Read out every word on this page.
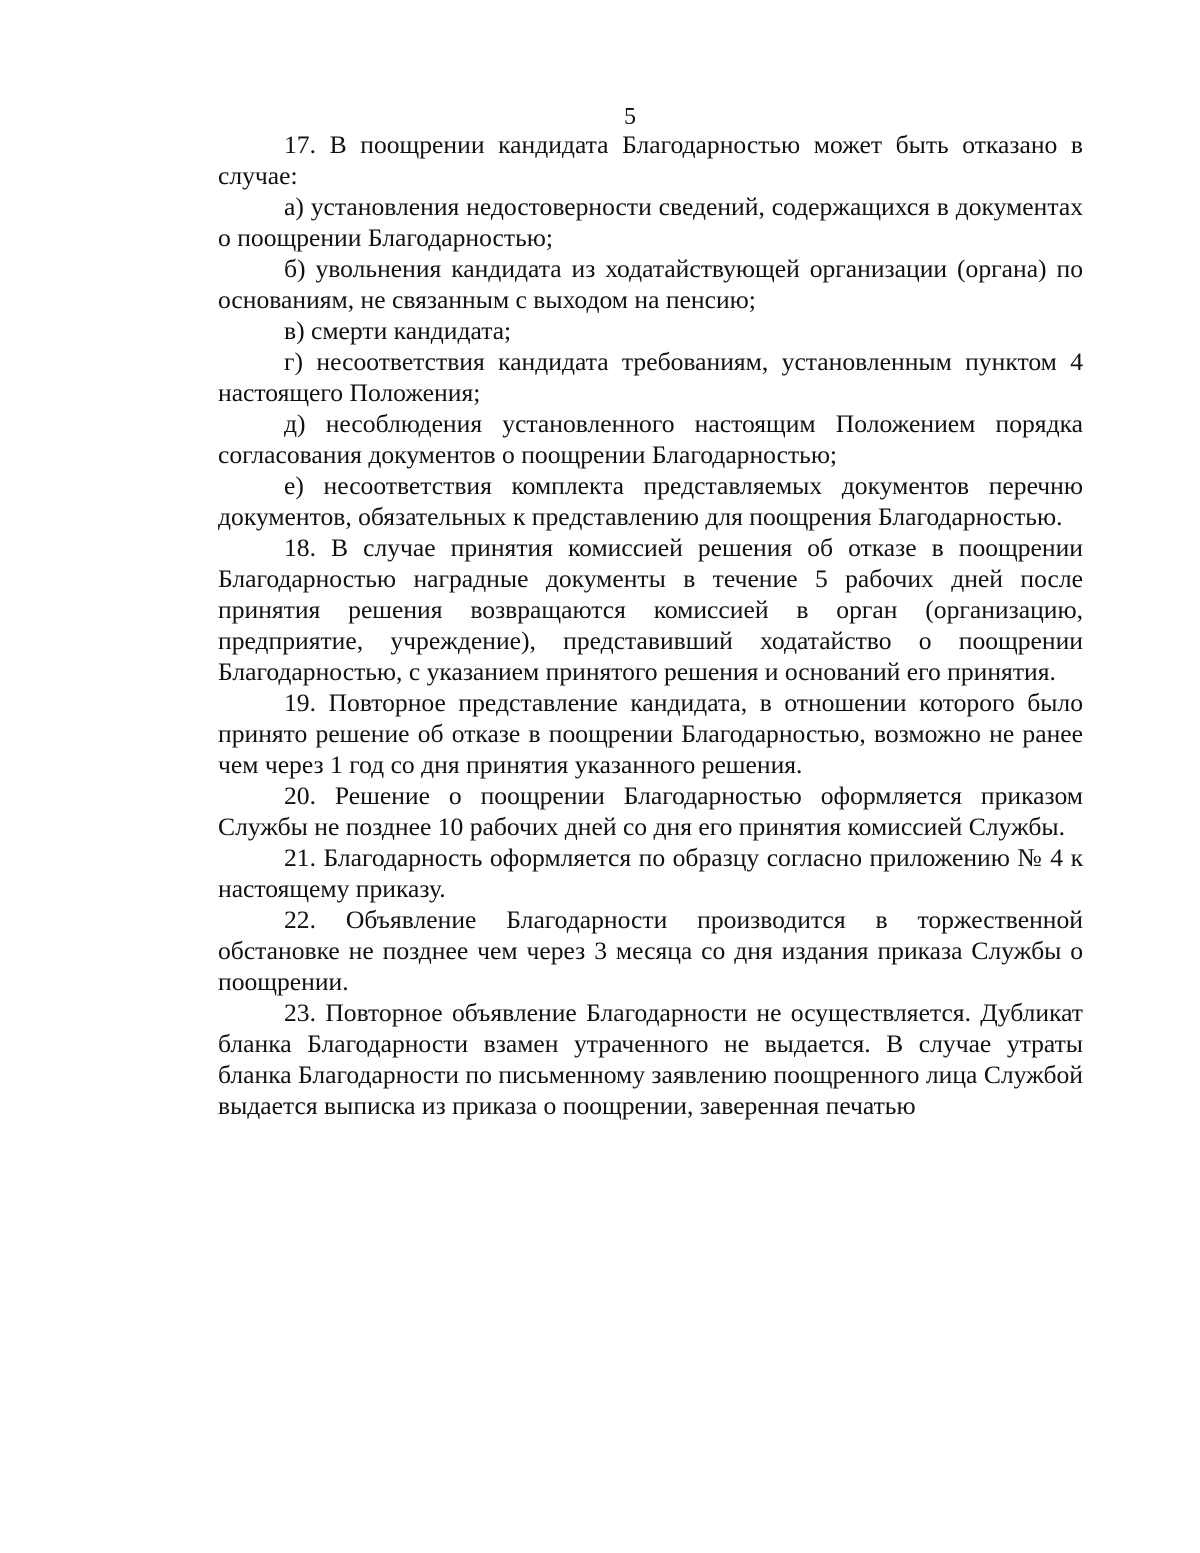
5

17. В поощрении кандидата Благодарностью может быть отказано в случае:

а) установления недостоверности сведений, содержащихся в документах о поощрении Благодарностью;

б) увольнения кандидата из ходатайствующей организации (органа) по основаниям, не связанным с выходом на пенсию;

в) смерти кандидата;

г) несоответствия кандидата требованиям, установленным пунктом 4 настоящего Положения;

д) несоблюдения установленного настоящим Положением порядка согласования документов о поощрении Благодарностью;

е) несоответствия комплекта представляемых документов перечню документов, обязательных к представлению для поощрения Благодарностью.

18. В случае принятия комиссией решения об отказе в поощрении Благодарностью наградные документы в течение 5 рабочих дней после принятия решения возвращаются комиссией в орган (организацию, предприятие, учреждение), представивший ходатайство о поощрении Благодарностью, с указанием принятого решения и оснований его принятия.

19. Повторное представление кандидата, в отношении которого было принято решение об отказе в поощрении Благодарностью, возможно не ранее чем через 1 год со дня принятия указанного решения.

20. Решение о поощрении Благодарностью оформляется приказом Службы не позднее 10 рабочих дней со дня его принятия комиссией Службы.

21. Благодарность оформляется по образцу согласно приложению № 4 к настоящему приказу.

22. Объявление Благодарности производится в торжественной обстановке не позднее чем через 3 месяца со дня издания приказа Службы о поощрении.

23. Повторное объявление Благодарности не осуществляется. Дубликат бланка Благодарности взамен утраченного не выдается. В случае утраты бланка Благодарности по письменному заявлению поощренного лица Службой выдается выписка из приказа о поощрении, заверенная печатью
